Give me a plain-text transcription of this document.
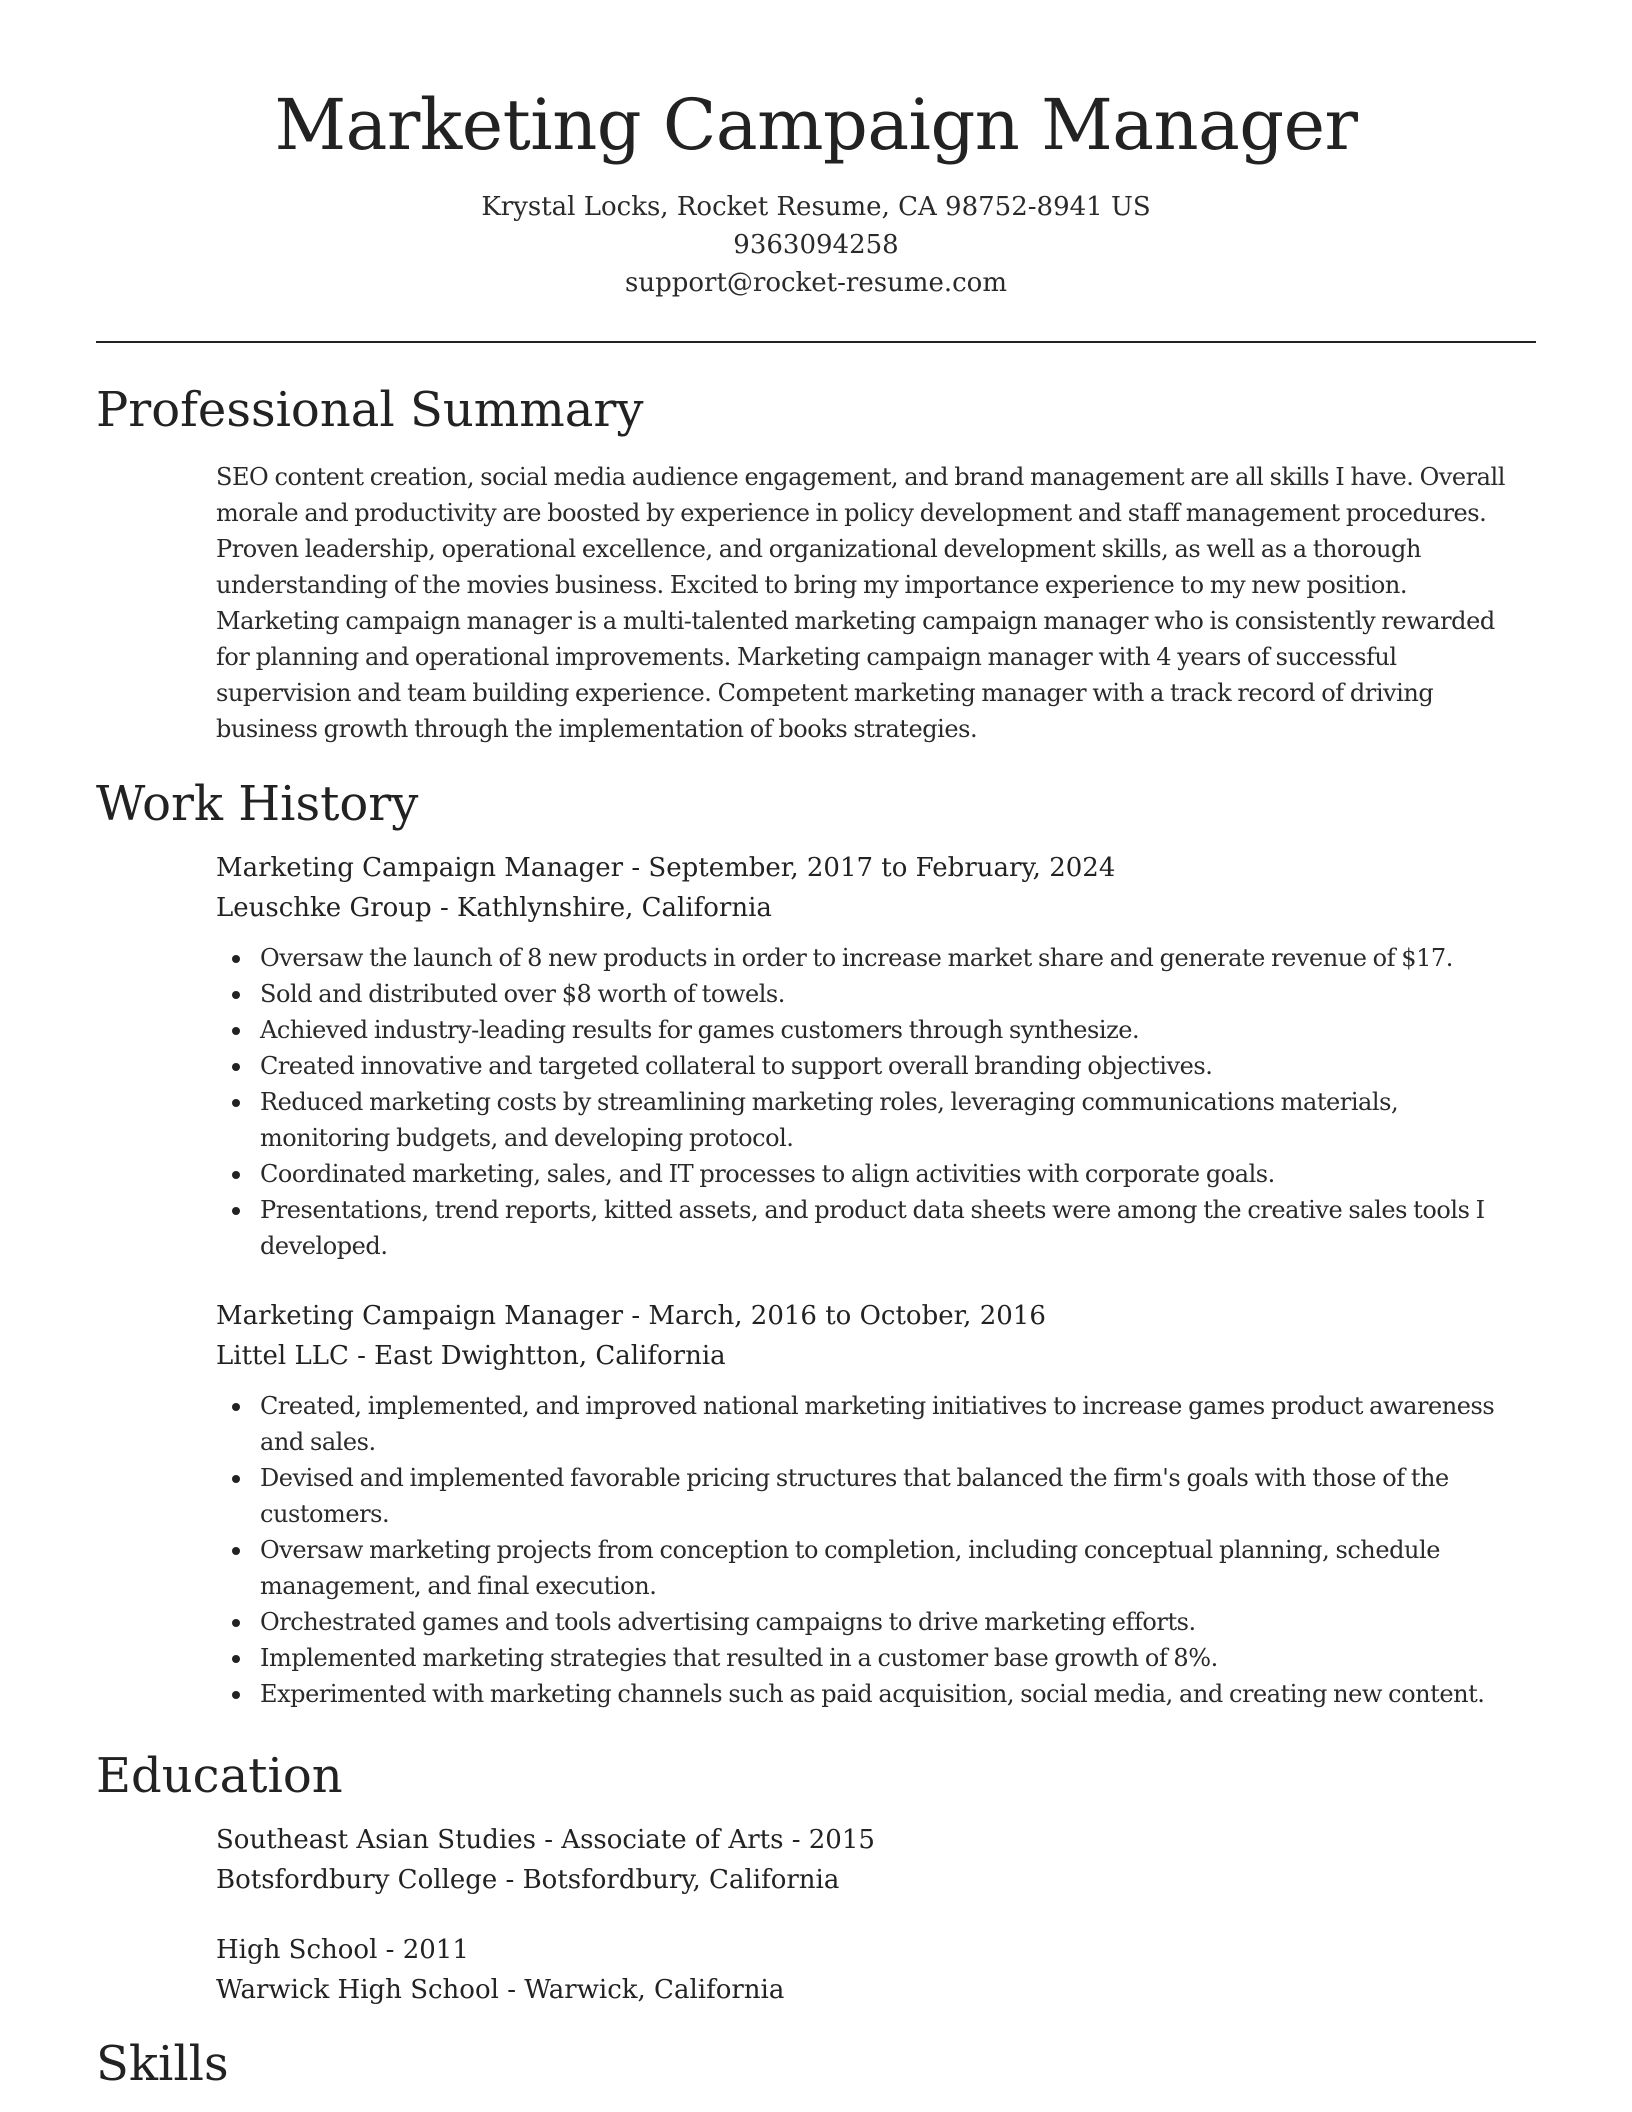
Marketing Campaign Manager

Krystal Locks, Rocket Resume, CA 98752-8941 US

9363094258

support@rocket-resume.com

Professional Summary

SEO content creation, social media audience engagement, and brand management are all skills I have. Overall morale and productivity are boosted by experience in policy development and staff management procedures. Proven leadership, operational excellence, and organizational development skills, as well as a thorough understanding of the movies business. Excited to bring my importance experience to my new position. Marketing campaign manager is a multi-talented marketing campaign manager who is consistently rewarded for planning and operational improvements. Marketing campaign manager with 4 years of successful supervision and team building experience. Competent marketing manager with a track record of driving business growth through the implementation of books strategies.

Work History

Marketing Campaign Manager - September, 2017 to February, 2024

Leuschke Group - Kathlynshire, California

Oversaw the launch of 8 new products in order to increase market share and generate revenue of $17.
Sold and distributed over $8 worth of towels.
Achieved industry-leading results for games customers through synthesize.
Created innovative and targeted collateral to support overall branding objectives.
Reduced marketing costs by streamlining marketing roles, leveraging communications materials, monitoring budgets, and developing protocol.
Coordinated marketing, sales, and IT processes to align activities with corporate goals.
Presentations, trend reports, kitted assets, and product data sheets were among the creative sales tools I developed.

Marketing Campaign Manager - March, 2016 to October, 2016

Littel LLC - East Dwightton, California

Created, implemented, and improved national marketing initiatives to increase games product awareness and sales.
Devised and implemented favorable pricing structures that balanced the firm's goals with those of the customers.
Oversaw marketing projects from conception to completion, including conceptual planning, schedule management, and final execution.
Orchestrated games and tools advertising campaigns to drive marketing efforts.
Implemented marketing strategies that resulted in a customer base growth of 8%.
Experimented with marketing channels such as paid acquisition, social media, and creating new content.
Education

Southeast Asian Studies - Associate of Arts - 2015

Botsfordbury College - Botsfordbury, California

High School - 2011

Warwick High School - Warwick, California

Skills
